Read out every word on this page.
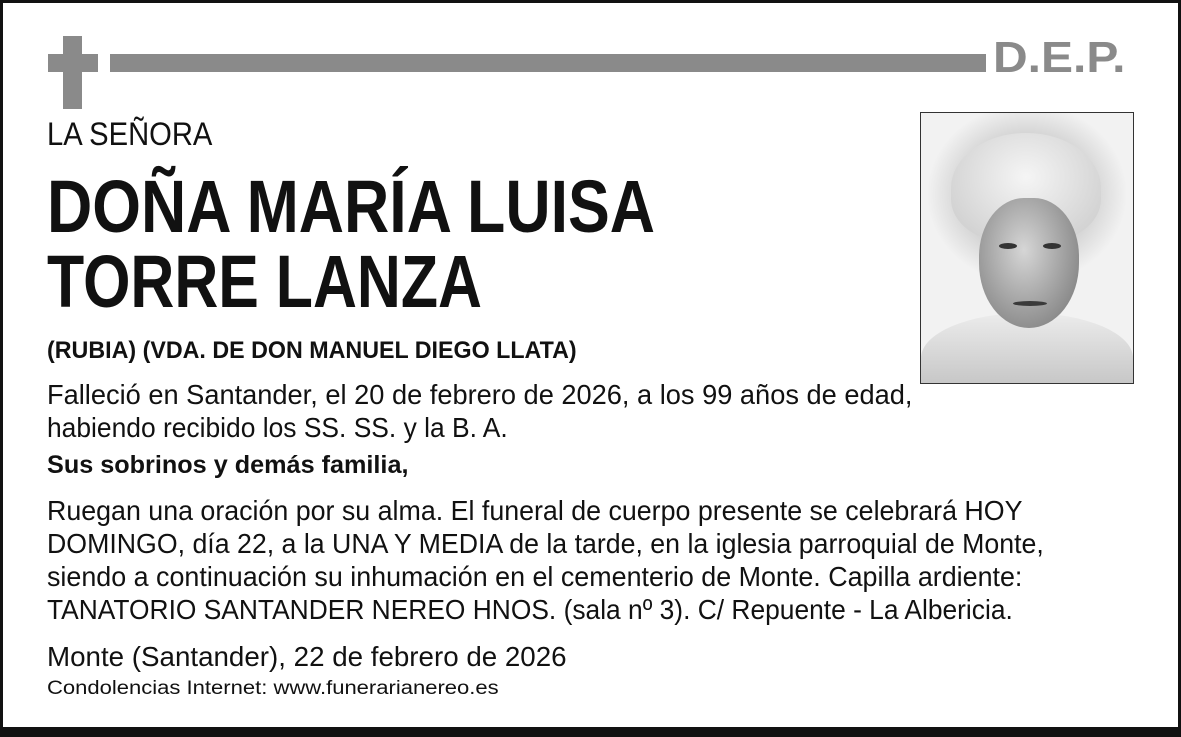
D.E.P.
LA SEÑORA
DOÑA MARÍA LUISA
TORRE LANZA
(RUBIA) (VDA. DE DON MANUEL DIEGO LLATA)
Falleció en Santander, el 20 de febrero de 2026, a los 99 años de edad,
habiendo recibido los SS. SS. y la B. A.
Sus sobrinos y demás familia,
Ruegan una oración por su alma. El funeral de cuerpo presente se celebrará HOY
DOMINGO, día 22, a la UNA Y MEDIA de la tarde, en la iglesia parroquial de Monte,
siendo a continuación su inhumación en el cementerio de Monte. Capilla ardiente:
TANATORIO SANTANDER NEREO HNOS. (sala nº 3). C/ Repuente - La Albericia.
Monte (Santander), 22 de febrero de 2026
Condolencias Internet: www.funerarianereo.es
